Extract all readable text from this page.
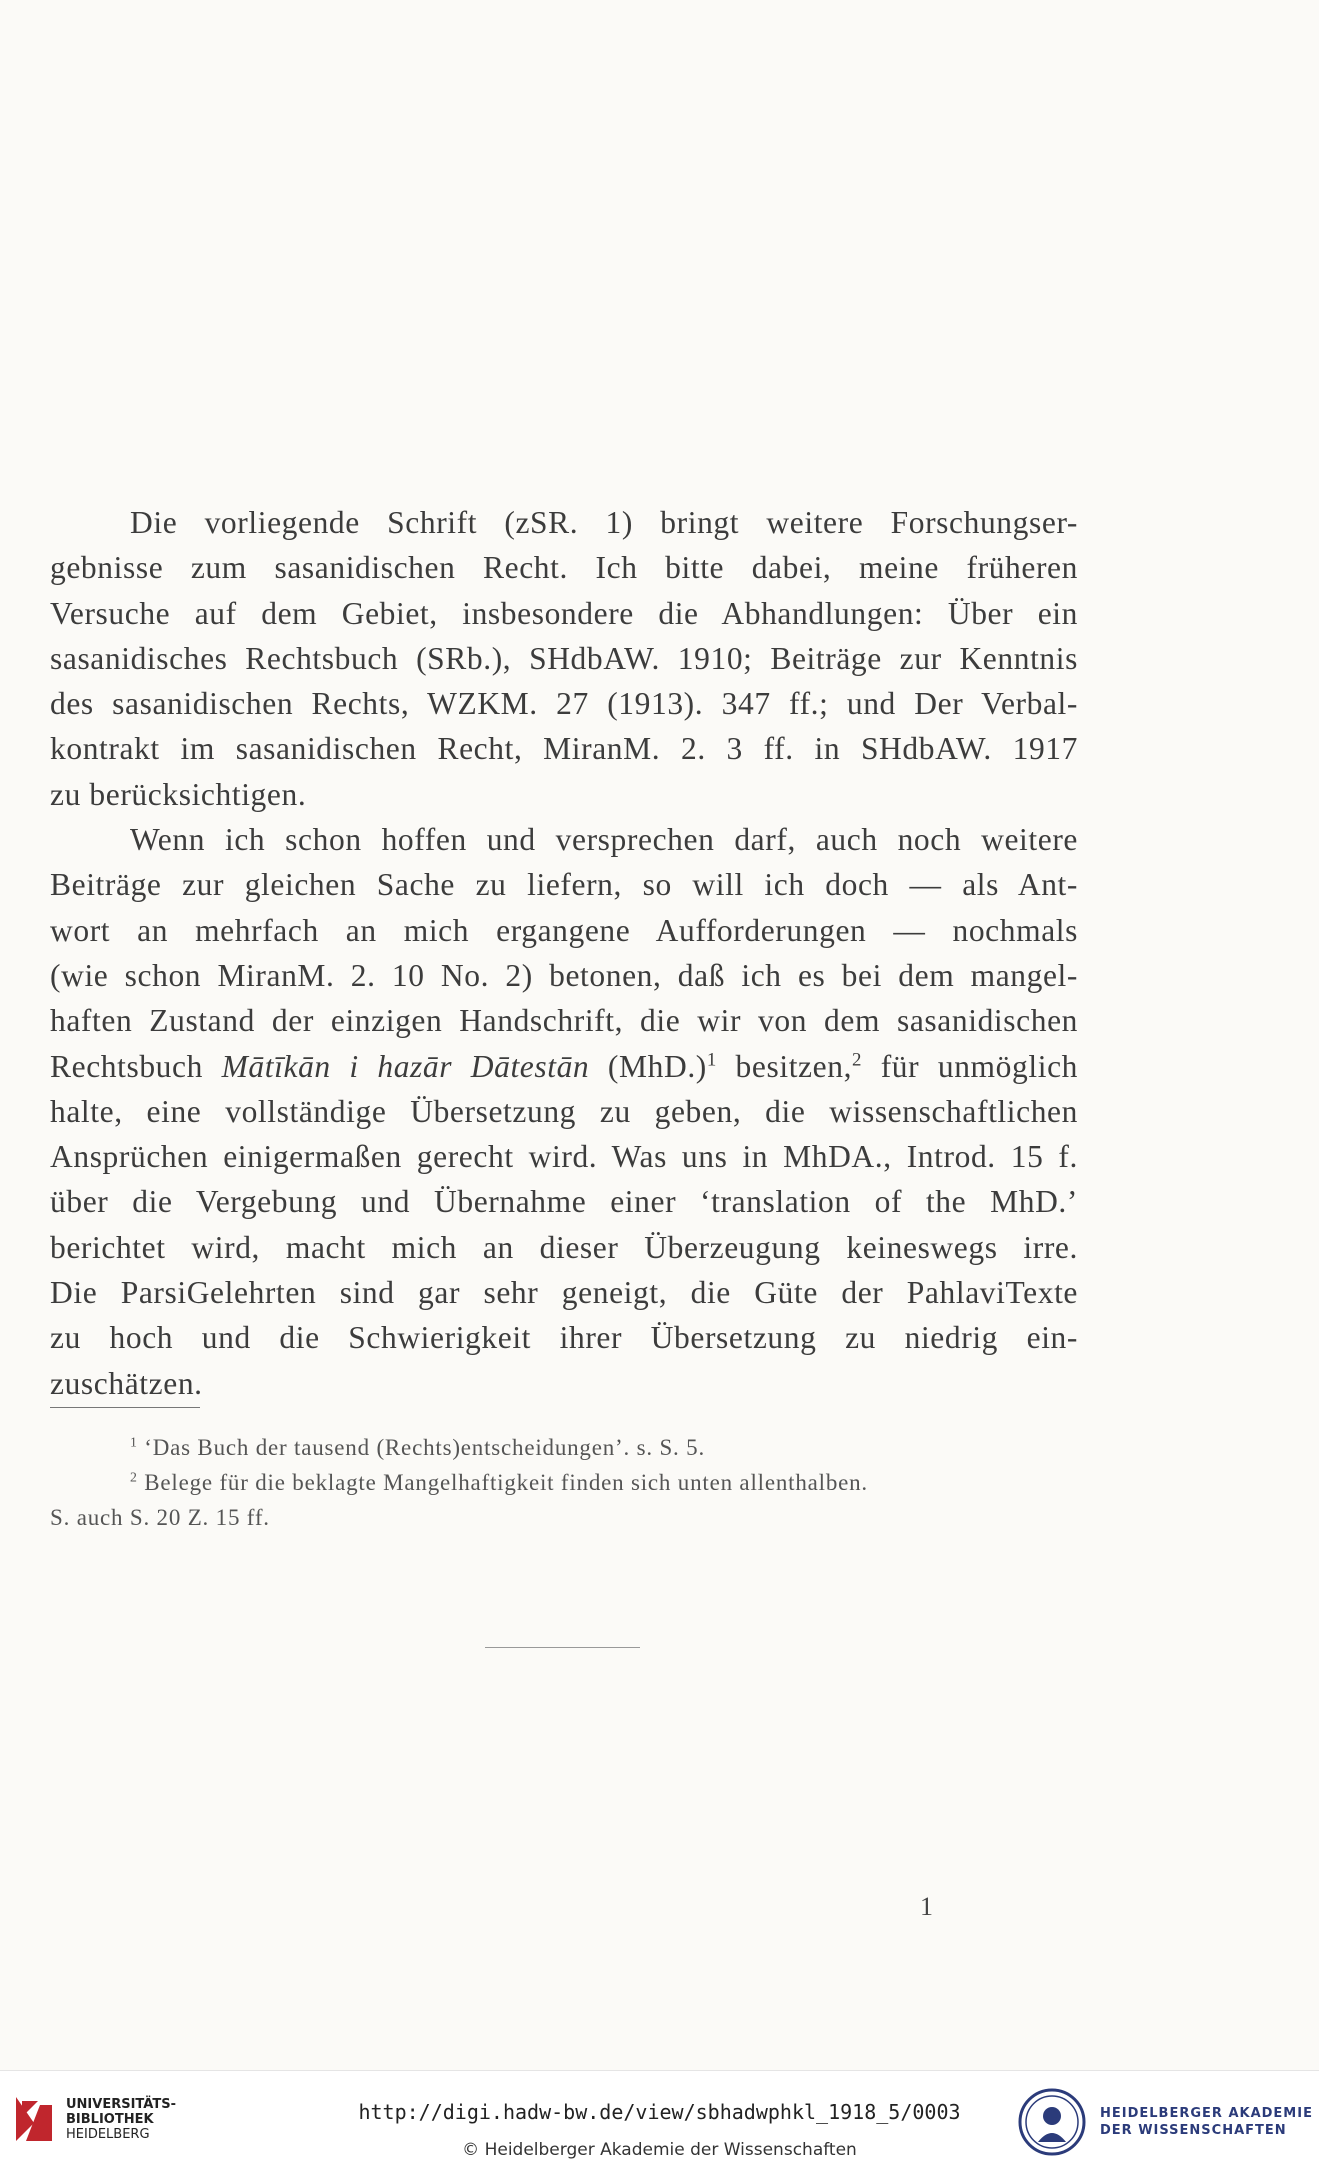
Die vorliegende Schrift (zSR. 1) bringt weitere Forschungser-
gebnisse zum sasanidischen Recht. Ich bitte dabei, meine früheren
Versuche auf dem Gebiet, insbesondere die Abhandlungen: Über ein
sasanidisches Rechtsbuch (SRb.), SHdbAW. 1910; Beiträge zur Kenntnis
des sasanidischen Rechts, WZKM. 27 (1913). 347 ff.; und Der Verbal-
kontrakt im sasanidischen Recht, MiranM. 2. 3 ff. in SHdbAW. 1917
zu berücksichtigen.
Wenn ich schon hoffen und versprechen darf, auch noch weitere
Beiträge zur gleichen Sache zu liefern, so will ich doch — als Ant-
wort an mehrfach an mich ergangene Aufforderungen — nochmals
(wie schon MiranM. 2. 10 No. 2) betonen, daß ich es bei dem mangel-
haften Zustand der einzigen Handschrift, die wir von dem sasanidischen
Rechtsbuch Mātīkān i hazār Dātestān $(MhD.)^1$ besitzen,$^2$ für unmöglich
halte, eine vollständige Übersetzung zu geben, die wissenschaftlichen
Ansprüchen einigermaßen gerecht wird. Was uns in MhDA., Introd. 15 f.
über die Vergebung und Übernahme einer ‘translation of the MhD.’
berichtet wird, macht mich an dieser Überzeugung keineswegs irre.
Die ParsiGelehrten sind gar sehr geneigt, die Güte der PahlaviTexte
zu hoch und die Schwierigkeit ihrer Übersetzung zu niedrig ein-
zuschätzen.
$^1$ ‘Das Buch der tausend (Rechts)entscheidungen’. s. S. 5.
$^2$ Belege für die beklagte Mangelhaftigkeit finden sich unten allenthalben.
S. auch S. 20 Z. 15 ff.
1
UNIVERSITÄTS-
BIBLIOTHEK
HEIDELBERG
http://digi.hadw-bw.de/view/sbhadwphkl_1918_5/0003
© Heidelberger Akademie der Wissenschaften
HEIDELBERGER AKADEMIE
DER WISSENSCHAFTEN
